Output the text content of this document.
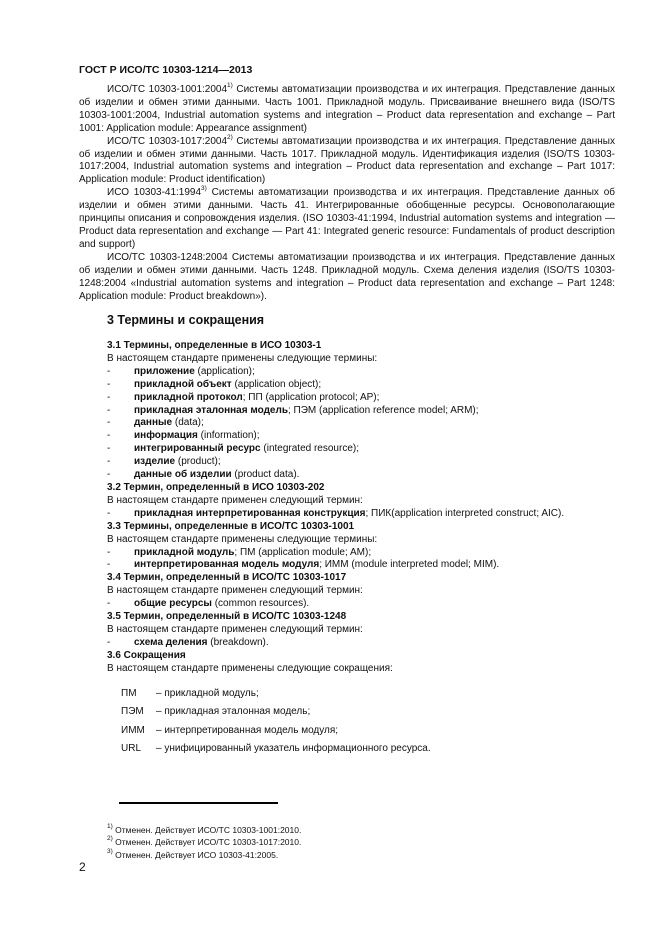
ГОСТ Р ИСО/ТС 10303-1214—2013

ИСО/ТС 10303-1001:2004$^{1)}$ Системы автоматизации производства и их интеграция. Представление данных об изделии и обмен этими данными. Часть 1001. Прикладной модуль. Присваивание внешнего вида (ISO/TS 10303-1001:2004, Industrial automation systems and integration – Product data representation and exchange – Part 1001: Application module: Appearance assignment)

ИСО/ТС 10303-1017:2004$^{2)}$ Системы автоматизации производства и их интеграция. Представление данных об изделии и обмен этими данными. Часть 1017. Прикладной модуль. Идентификация изделия (ISO/TS 10303-1017:2004, Industrial automation systems and integration – Product data representation and exchange – Part 1017: Application module: Product identification)

ИСО 10303-41:1994$^{3)}$ Системы автоматизации производства и их интеграция. Представление данных об изделии и обмен этими данными. Часть 41. Интегрированные обобщенные ресурсы. Основополагающие принципы описания и сопровождения изделия. (ISO 10303-41:1994, Industrial automation systems and integration — Product data representation and exchange — Part 41: Integrated generic resource: Fundamentals of product description and support)

ИСО/ТС 10303-1248:2004 Системы автоматизации производства и их интеграция. Представление данных об изделии и обмен этими данными. Часть 1248. Прикладной модуль. Схема деления изделия (ISO/TS 10303-1248:2004 «Industrial automation systems and integration – Product data representation and exchange – Part 1248: Application module: Product breakdown»).

3 Термины и сокращения
3.1 Термины, определенные в ИСО 10303-1
В настоящем стандарте применены следующие термины:
- приложение (application);
- прикладной объект (application object);
- прикладной протокол; ПП (application protocol; AP);
- прикладная эталонная модель; ПЭМ (application reference model; ARM);
- данные (data);
- информация (information);
- интегрированный ресурс (integrated resource);
- изделие (product);
- данные об изделии (product data).
3.2 Термин, определенный в ИСО 10303-202
В настоящем стандарте применен следующий термин:
- прикладная интерпретированная конструкция; ПИК(application interpreted construct; AIC).
3.3 Термины, определенные в ИСО/ТС 10303-1001
В настоящем стандарте применены следующие термины:
- прикладной модуль; ПМ (application module; AM);
- интерпретированная модель модуля; ИММ (module interpreted model; MIM).
3.4 Термин, определенный в ИСО/ТС 10303-1017
В настоящем стандарте применен следующий термин:
- общие ресурсы (common resources).
3.5 Термин, определенный в ИСО/ТС 10303-1248
В настоящем стандарте применен следующий термин:
- схема деления (breakdown).
3.6 Сокращения
В настоящем стандарте применены следующие сокращения:
ПМ	– прикладной модуль;
ПЭМ	– прикладная эталонная модель;
ИММ	– интерпретированная модель модуля;
URL	– унифицированный указатель информационного ресурса.
$^{1)}$ Отменен. Действует ИСО/ТС 10303-1001:2010.
$^{2)}$ Отменен. Действует ИСО/ТС 10303-1017:2010.
$^{3)}$ Отменен. Действует ИСО 10303-41:2005.
2
